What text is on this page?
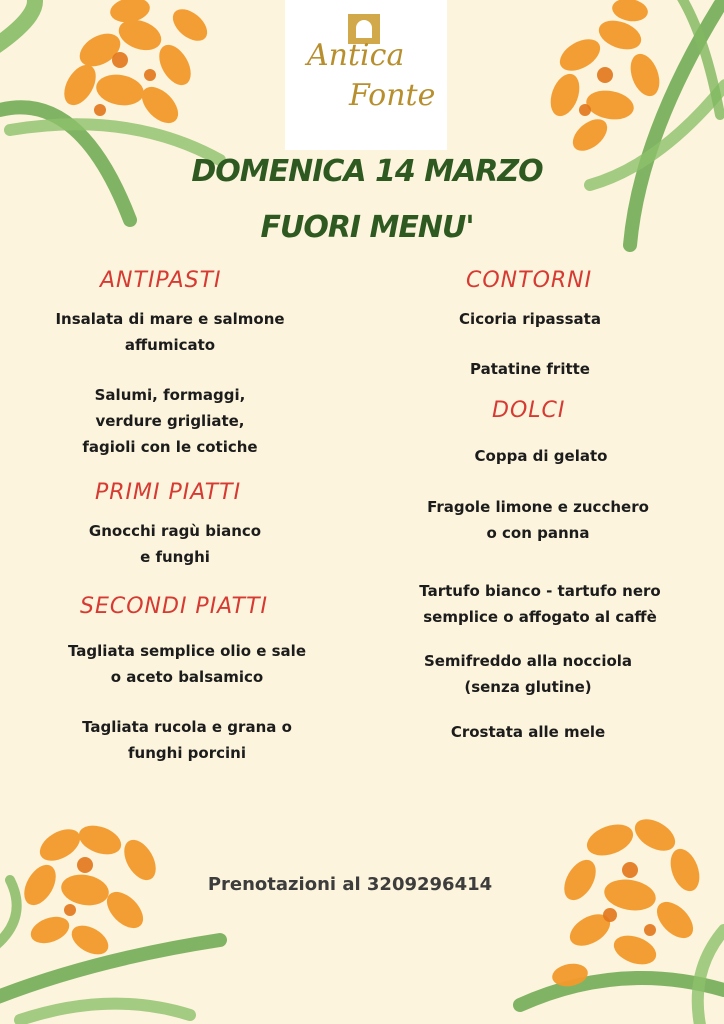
Antica
Fonte
DOMENICA 14 MARZO
FUORI MENU'
ANTIPASTI
Insalata di mare e salmone
affumicato
Salumi, formaggi,
verdure grigliate,
fagioli con le cotiche
PRIMI PIATTI
Gnocchi ragù bianco
e funghi
SECONDI PIATTI
Tagliata semplice olio e sale
o aceto balsamico
Tagliata rucola e grana o
funghi porcini
CONTORNI
Cicoria ripassata
Patatine fritte
DOLCI
Coppa di gelato
Fragole limone e zucchero
o con panna
Tartufo bianco - tartufo nero
semplice o affogato al caffè
Semifreddo alla nocciola
(senza glutine)
Crostata alle mele
Prenotazioni al 3209296414
